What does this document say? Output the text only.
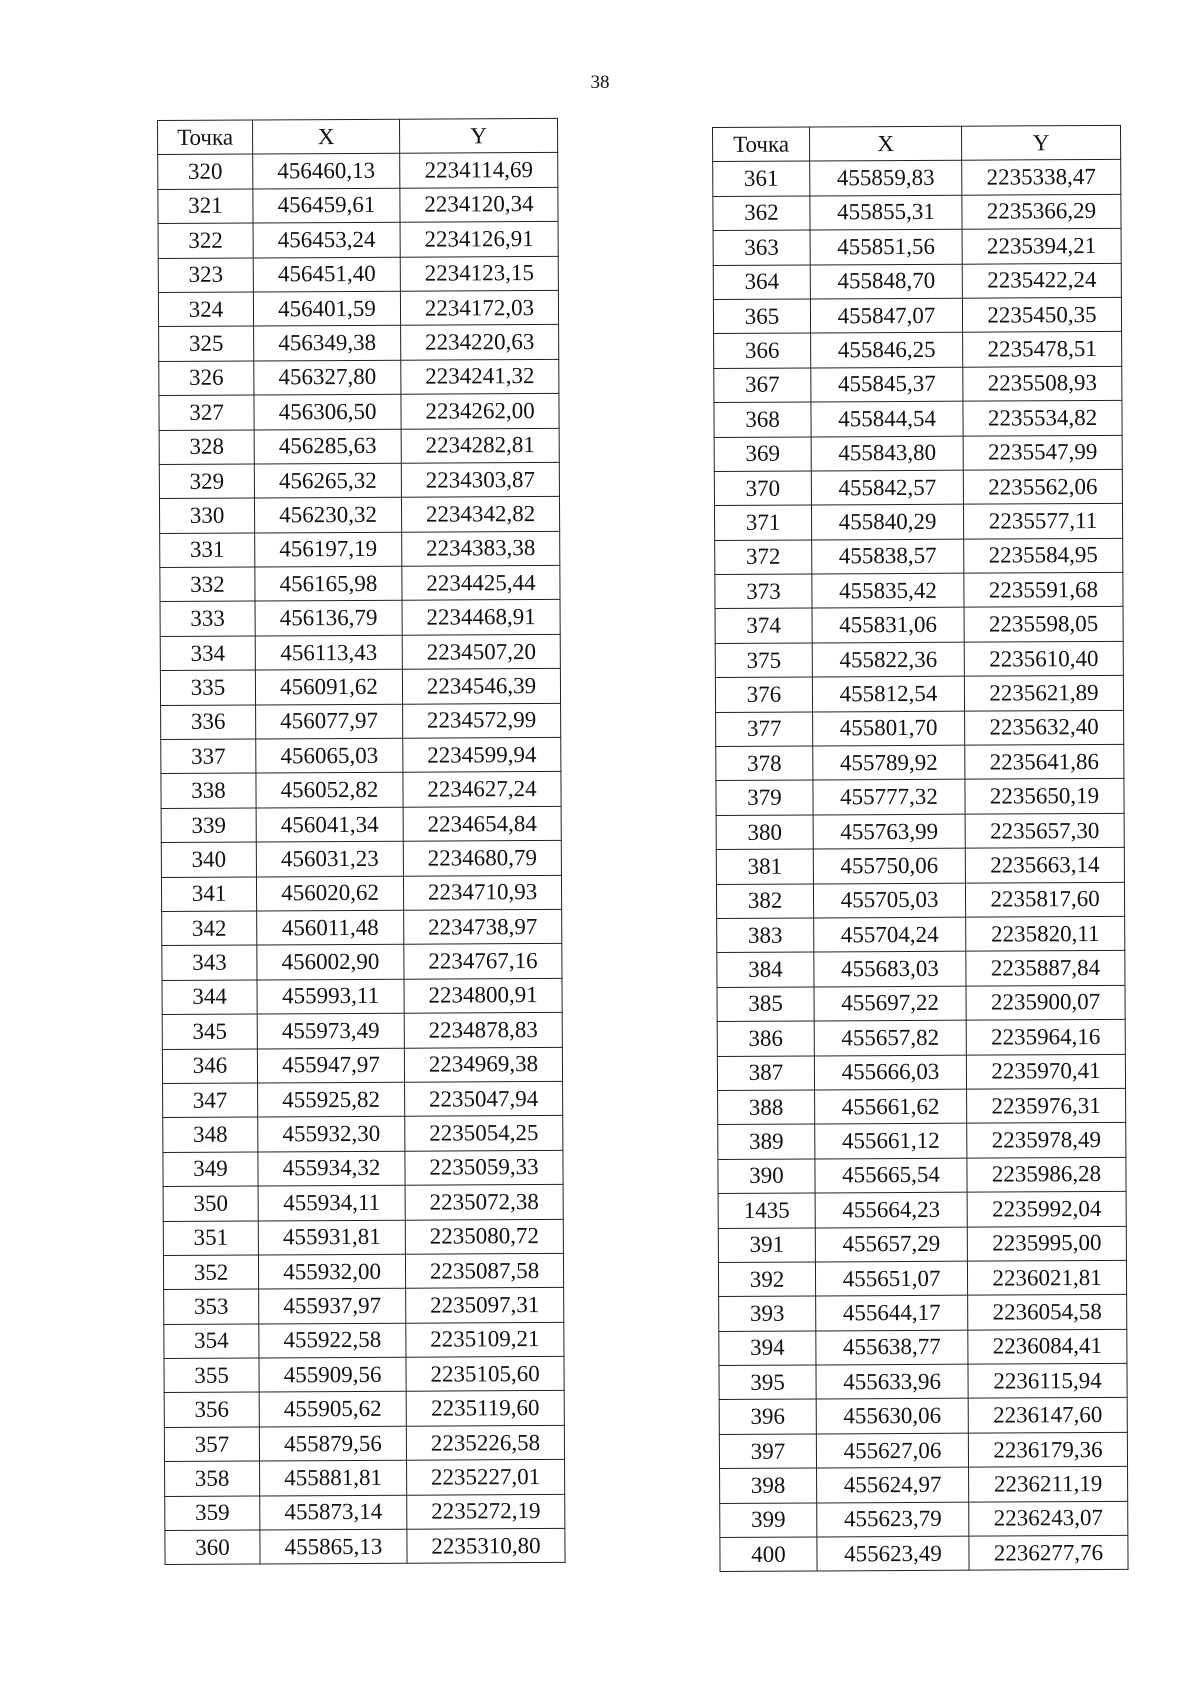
38
Точка	X	Y
320	456460,13	2234114,69
321	456459,61	2234120,34
322	456453,24	2234126,91
323	456451,40	2234123,15
324	456401,59	2234172,03
325	456349,38	2234220,63
326	456327,80	2234241,32
327	456306,50	2234262,00
328	456285,63	2234282,81
329	456265,32	2234303,87
330	456230,32	2234342,82
331	456197,19	2234383,38
332	456165,98	2234425,44
333	456136,79	2234468,91
334	456113,43	2234507,20
335	456091,62	2234546,39
336	456077,97	2234572,99
337	456065,03	2234599,94
338	456052,82	2234627,24
339	456041,34	2234654,84
340	456031,23	2234680,79
341	456020,62	2234710,93
342	456011,48	2234738,97
343	456002,90	2234767,16
344	455993,11	2234800,91
345	455973,49	2234878,83
346	455947,97	2234969,38
347	455925,82	2235047,94
348	455932,30	2235054,25
349	455934,32	2235059,33
350	455934,11	2235072,38
351	455931,81	2235080,72
352	455932,00	2235087,58
353	455937,97	2235097,31
354	455922,58	2235109,21
355	455909,56	2235105,60
356	455905,62	2235119,60
357	455879,56	2235226,58
358	455881,81	2235227,01
359	455873,14	2235272,19
360	455865,13	2235310,80
Точка	X	Y
361	455859,83	2235338,47
362	455855,31	2235366,29
363	455851,56	2235394,21
364	455848,70	2235422,24
365	455847,07	2235450,35
366	455846,25	2235478,51
367	455845,37	2235508,93
368	455844,54	2235534,82
369	455843,80	2235547,99
370	455842,57	2235562,06
371	455840,29	2235577,11
372	455838,57	2235584,95
373	455835,42	2235591,68
374	455831,06	2235598,05
375	455822,36	2235610,40
376	455812,54	2235621,89
377	455801,70	2235632,40
378	455789,92	2235641,86
379	455777,32	2235650,19
380	455763,99	2235657,30
381	455750,06	2235663,14
382	455705,03	2235817,60
383	455704,24	2235820,11
384	455683,03	2235887,84
385	455697,22	2235900,07
386	455657,82	2235964,16
387	455666,03	2235970,41
388	455661,62	2235976,31
389	455661,12	2235978,49
390	455665,54	2235986,28
1435	455664,23	2235992,04
391	455657,29	2235995,00
392	455651,07	2236021,81
393	455644,17	2236054,58
394	455638,77	2236084,41
395	455633,96	2236115,94
396	455630,06	2236147,60
397	455627,06	2236179,36
398	455624,97	2236211,19
399	455623,79	2236243,07
400	455623,49	2236277,76
